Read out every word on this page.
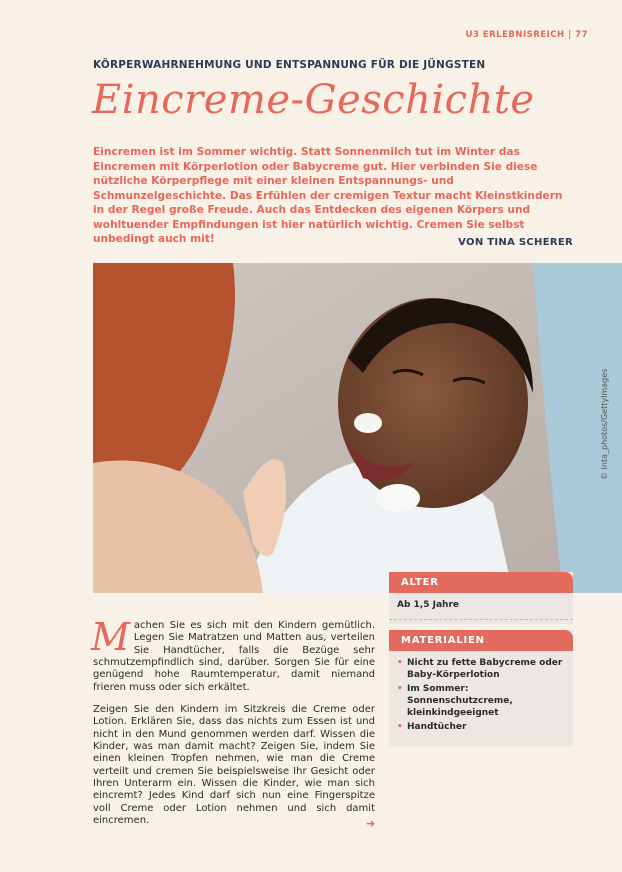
U3 ERLEBNISREICH | 77
KÖRPERWAHRNEHMUNG UND ENTSPANNUNG FÜR DIE JÜNGSTEN
Eincreme-Geschichte
Eincremen ist im Sommer wichtig. Statt Sonnenmilch tut im Winter das Eincremen mit Körperlotion oder Babycreme gut. Hier verbinden Sie diese nützliche Körperpflege mit einer kleinen Entspannungs- und Schmunzelgeschichte. Das Erfühlen der cremigen Textur macht Kleinstkindern in der Regel große Freude. Auch das Entdecken des eigenen Körpers und wohltuender Empfindungen ist hier natürlich wichtig. Cremen Sie selbst unbedingt auch mit!	VON TINA SCHERER
© Inta_photos/GettyImages
ALTER
Ab 1,5 Jahre
MATERIALIEN
• Nicht zu fette Babycreme oder Baby-Körperlotion
• Im Sommer: Sonnenschutzcreme, kleinkindgeeignet
• Handtücher

Machen Sie es sich mit den Kindern gemütlich. Legen Sie Matratzen und Matten aus, verteilen Sie Handtücher, falls die Bezüge sehr schmutzempfindlich sind, darüber. Sorgen Sie für eine genügend hohe Raumtemperatur, damit niemand frieren muss oder sich erkältet.

Zeigen Sie den Kindern im Sitzkreis die Creme oder Lotion. Erklären Sie, dass das nichts zum Essen ist und nicht in den Mund genommen werden darf. Wissen die Kinder, was man damit macht? Zeigen Sie, indem Sie einen kleinen Tropfen nehmen, wie man die Creme verteilt und cremen Sie beispielsweise Ihr Gesicht oder Ihren Unterarm ein. Wissen die Kinder, wie man sich eincremt? Jedes Kind darf sich nun eine Fingerspitze voll Creme oder Lotion nehmen und sich damit eincremen.	➜
